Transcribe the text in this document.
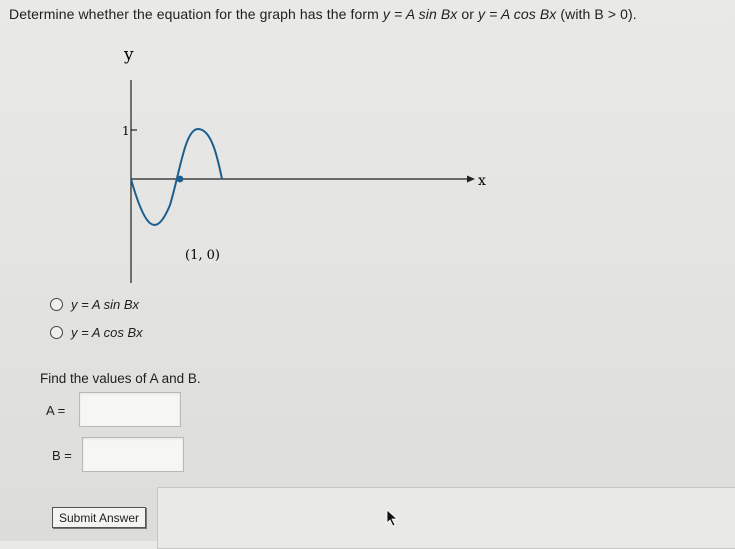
Determine whether the equation for the graph has the form y = A sin Bx or y = A cos Bx (with B > 0).
y
1
x
(1, 0)
y = A sin Bx
y = A cos Bx
Find the values of A and B.
A =
B =
Submit Answer
